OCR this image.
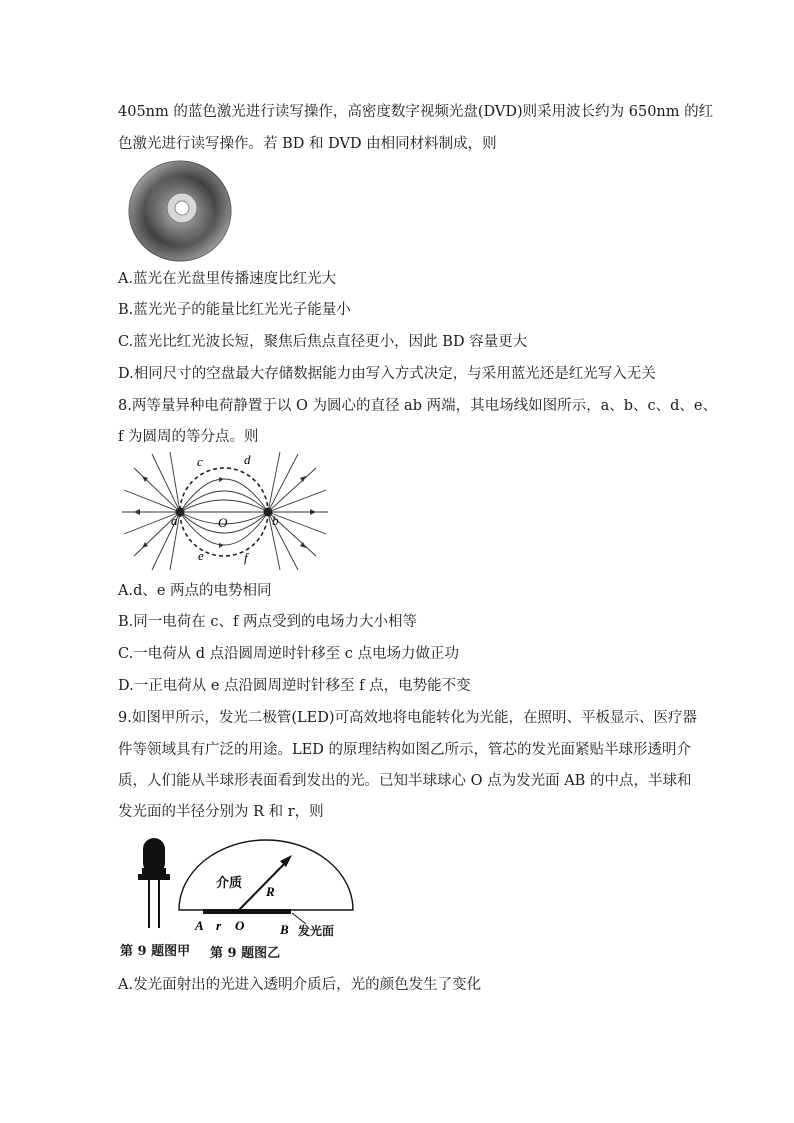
405nm 的蓝色激光进行读写操作，高密度数字视频光盘(DVD)则采用波长约为 650nm 的红
色激光进行读写操作。若 BD 和 DVD 由相同材料制成，则
A.蓝光在光盘里传播速度比红光大
B.蓝光光子的能量比红光光子能量小
C.蓝光比红光波长短，聚焦后焦点直径更小，因此 BD 容量更大
D.相同尺寸的空盘最大存储数据能力由写入方式决定，与采用蓝光还是红光写入无关
8.两等量异种电荷静置于以 O 为圆心的直径 ab 两端，其电场线如图所示，a、b、c、d、e、
f 为圆周的等分点。则
a	b
c	d
e	f
O
A.d、e 两点的电势相同
B.同一电荷在 c、f 两点受到的电场力大小相等
C.一电荷从 d 点沿圆周逆时针移至 c 点电场力做正功
D.一正电荷从 e 点沿圆周逆时针移至 f 点，电势能不变
9.如图甲所示，发光二极管(LED)可高效地将电能转化为光能，在照明、平板显示、医疗器
件等领域具有广泛的用途。LED 的原理结构如图乙所示，管芯的发光面紧贴半球形透明介
质，人们能从半球形表面看到发出的光。已知半球球心 O 点为发光面 AB 的中点，半球和
发光面的半径分别为 R 和 r，则
第 9 题图甲
介质
R
A r O	B 发光面
第 9 题图乙
A.发光面射出的光进入透明介质后，光的颜色发生了变化
